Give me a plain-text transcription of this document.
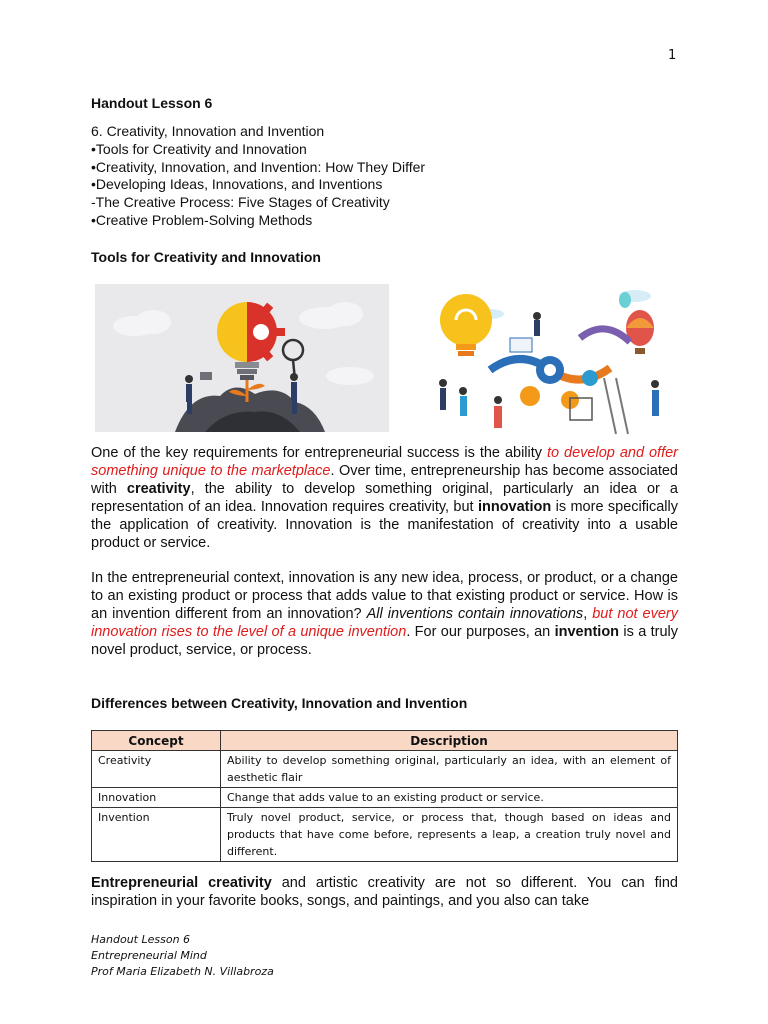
1
Handout Lesson 6
6. Creativity, Innovation and Invention
•Tools for Creativity and Innovation
•Creativity, Innovation, and Invention: How They Differ
•Developing Ideas, Innovations, and Inventions
-The Creative Process: Five Stages of Creativity
•Creative Problem-Solving Methods
Tools for Creativity and Innovation
One of the key requirements for entrepreneurial success is the ability to develop and offer something unique to the marketplace. Over time, entrepreneurship has become associated with creativity, the ability to develop something original, particularly an idea or a representation of an idea. Innovation requires creativity, but innovation is more specifically the application of creativity. Innovation is the manifestation of creativity into a usable product or service.
In the entrepreneurial context, innovation is any new idea, process, or product, or a change to an existing product or process that adds value to that existing product or service. How is an invention different from an innovation? All inventions contain innovations, but not every innovation rises to the level of a unique invention. For our purposes, an invention is a truly novel product, service, or process.
Differences between Creativity, Innovation and Invention
Concept	Description
Creativity	Ability to develop something original, particularly an idea, with an element of aesthetic flair
Innovation	Change that adds value to an existing product or service.
Invention	Truly novel product, service, or process that, though based on ideas and products that have come before, represents a leap, a creation truly novel and different.
Entrepreneurial creativity and artistic creativity are not so different. You can find inspiration in your favorite books, songs, and paintings, and you also can take
Handout Lesson 6
Entrepreneurial Mind
Prof Maria Elizabeth N. Villabroza
